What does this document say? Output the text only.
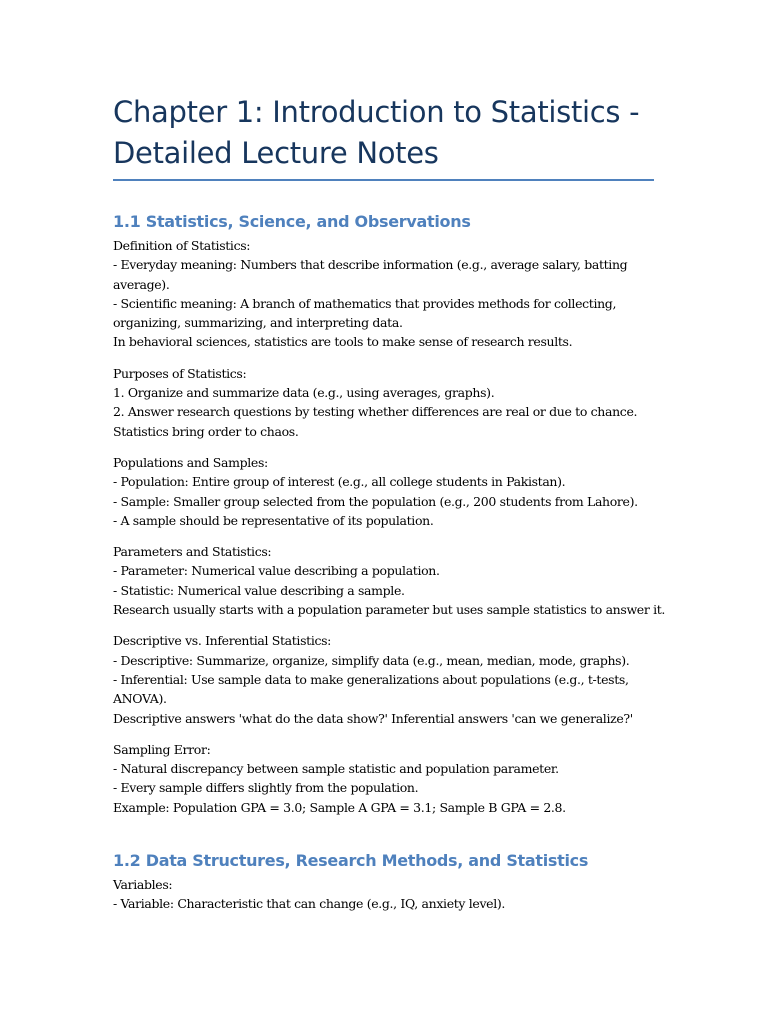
Chapter 1: Introduction to Statistics -
Detailed Lecture Notes
1.1 Statistics, Science, and Observations

Definition of Statistics:
- Everyday meaning: Numbers that describe information (e.g., average salary, batting
average).
- Scientific meaning: A branch of mathematics that provides methods for collecting,
organizing, summarizing, and interpreting data.
In behavioral sciences, statistics are tools to make sense of research results.

Purposes of Statistics:
1. Organize and summarize data (e.g., using averages, graphs).
2. Answer research questions by testing whether differences are real or due to chance.
Statistics bring order to chaos.

Populations and Samples:
- Population: Entire group of interest (e.g., all college students in Pakistan).
- Sample: Smaller group selected from the population (e.g., 200 students from Lahore).
- A sample should be representative of its population.

Parameters and Statistics:
- Parameter: Numerical value describing a population.
- Statistic: Numerical value describing a sample.
Research usually starts with a population parameter but uses sample statistics to answer it.

Descriptive vs. Inferential Statistics:
- Descriptive: Summarize, organize, simplify data (e.g., mean, median, mode, graphs).
- Inferential: Use sample data to make generalizations about populations (e.g., t-tests,
ANOVA).
Descriptive answers 'what do the data show?' Inferential answers 'can we generalize?'

Sampling Error:
- Natural discrepancy between sample statistic and population parameter.
- Every sample differs slightly from the population.
Example: Population GPA = 3.0; Sample A GPA = 3.1; Sample B GPA = 2.8.

1.2 Data Structures, Research Methods, and Statistics

Variables:
- Variable: Characteristic that can change (e.g., IQ, anxiety level).
